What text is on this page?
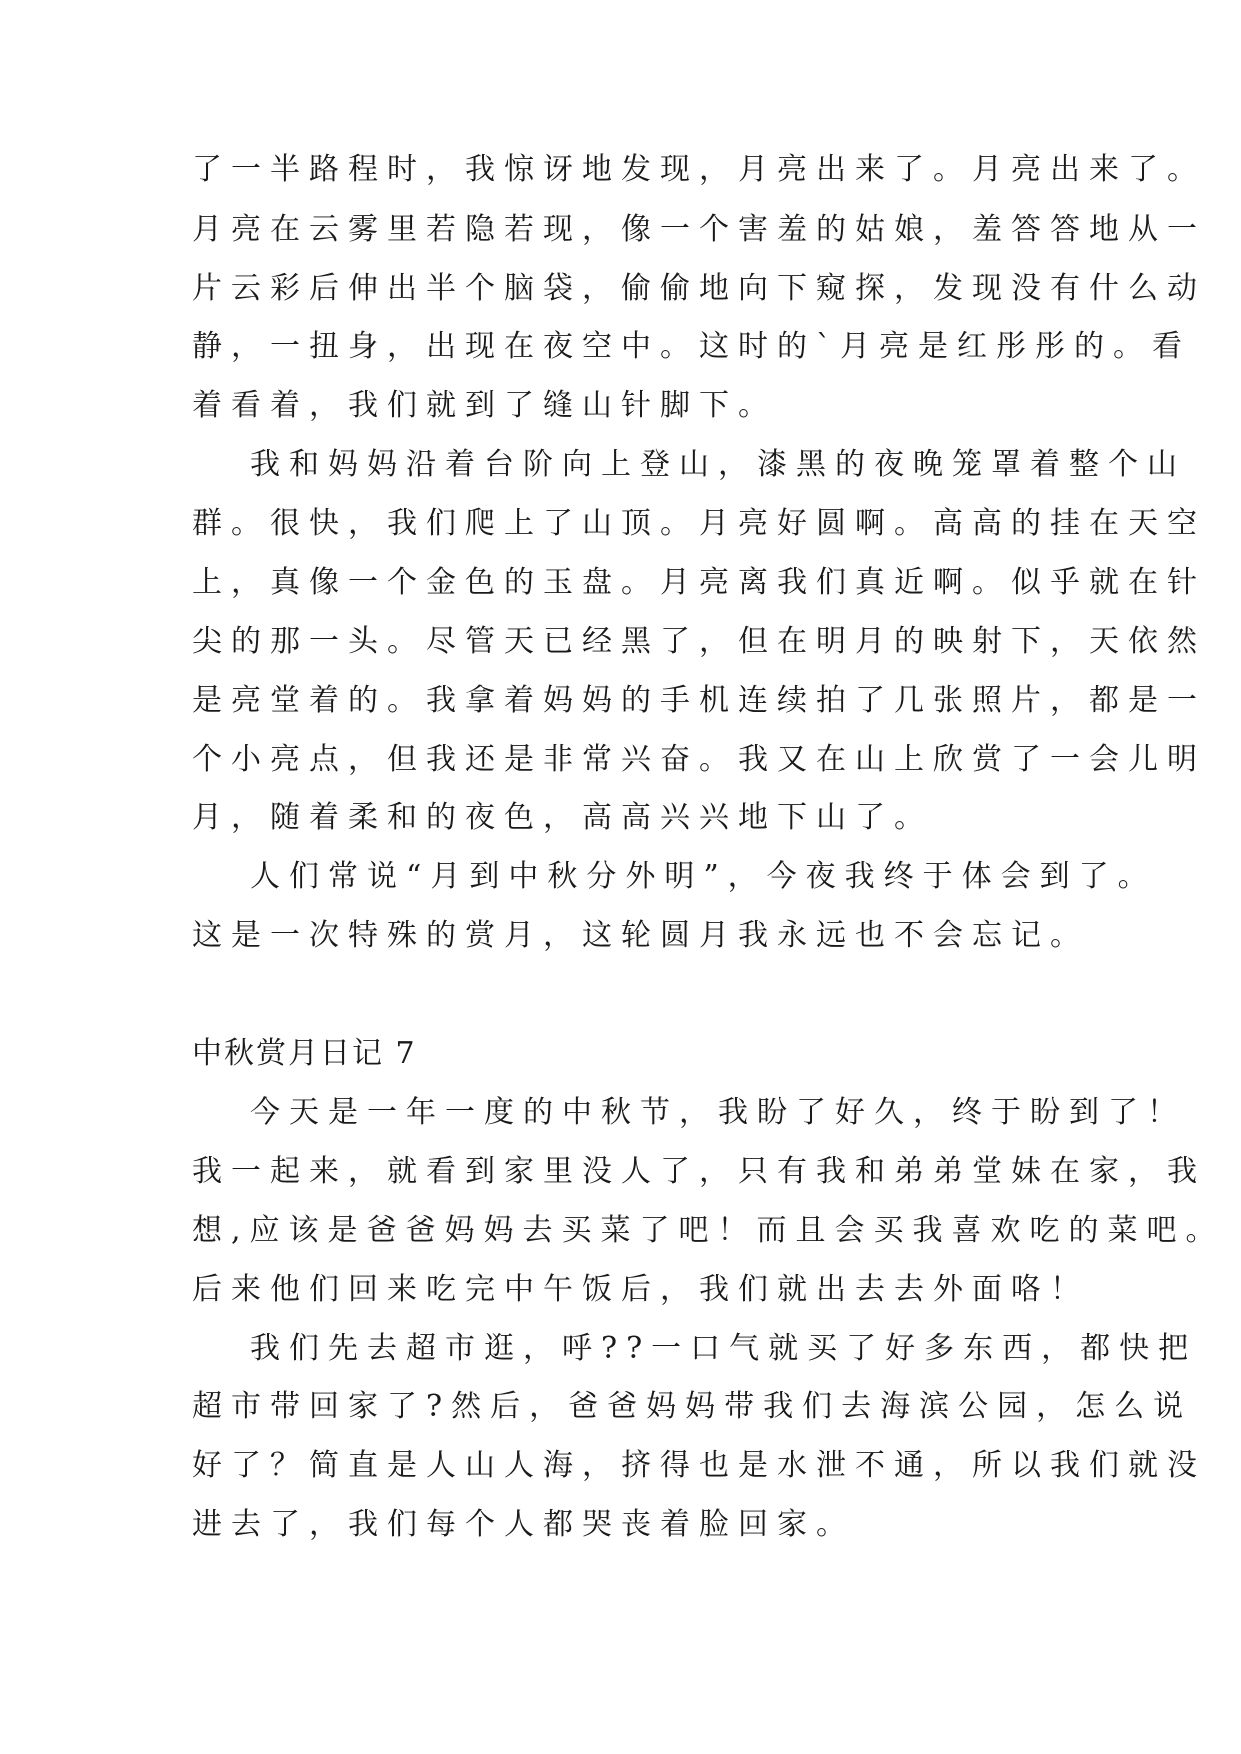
了一半路程时，我惊讶地发现，月亮出来了。月亮出来了。
月亮在云雾里若隐若现，像一个害羞的姑娘，羞答答地从一
片云彩后伸出半个脑袋，偷偷地向下窥探，发现没有什么动
静，一扭身，出现在夜空中。这时的`月亮是红彤彤的。看
着看着，我们就到了缝山针脚下。
我和妈妈沿着台阶向上登山，漆黑的夜晚笼罩着整个山
群。很快，我们爬上了山顶。月亮好圆啊。高高的挂在天空
上，真像一个金色的玉盘。月亮离我们真近啊。似乎就在针
尖的那一头。尽管天已经黑了，但在明月的映射下，天依然
是亮堂着的。我拿着妈妈的手机连续拍了几张照片，都是一
个小亮点，但我还是非常兴奋。我又在山上欣赏了一会儿明
月，随着柔和的夜色，高高兴兴地下山了。
人们常说“月到中秋分外明”，今夜我终于体会到了。
这是一次特殊的赏月，这轮圆月我永远也不会忘记。
中秋赏月日记 7
今天是一年一度的中秋节，我盼了好久，终于盼到了！
我一起来，就看到家里没人了，只有我和弟弟堂妹在家，我
想,应该是爸爸妈妈去买菜了吧！而且会买我喜欢吃的菜吧。
后来他们回来吃完中午饭后，我们就出去去外面咯！
我们先去超市逛，呼??一口气就买了好多东西，都快把
超市带回家了?然后，爸爸妈妈带我们去海滨公园，怎么说
好了？简直是人山人海，挤得也是水泄不通，所以我们就没
进去了，我们每个人都哭丧着脸回家。
